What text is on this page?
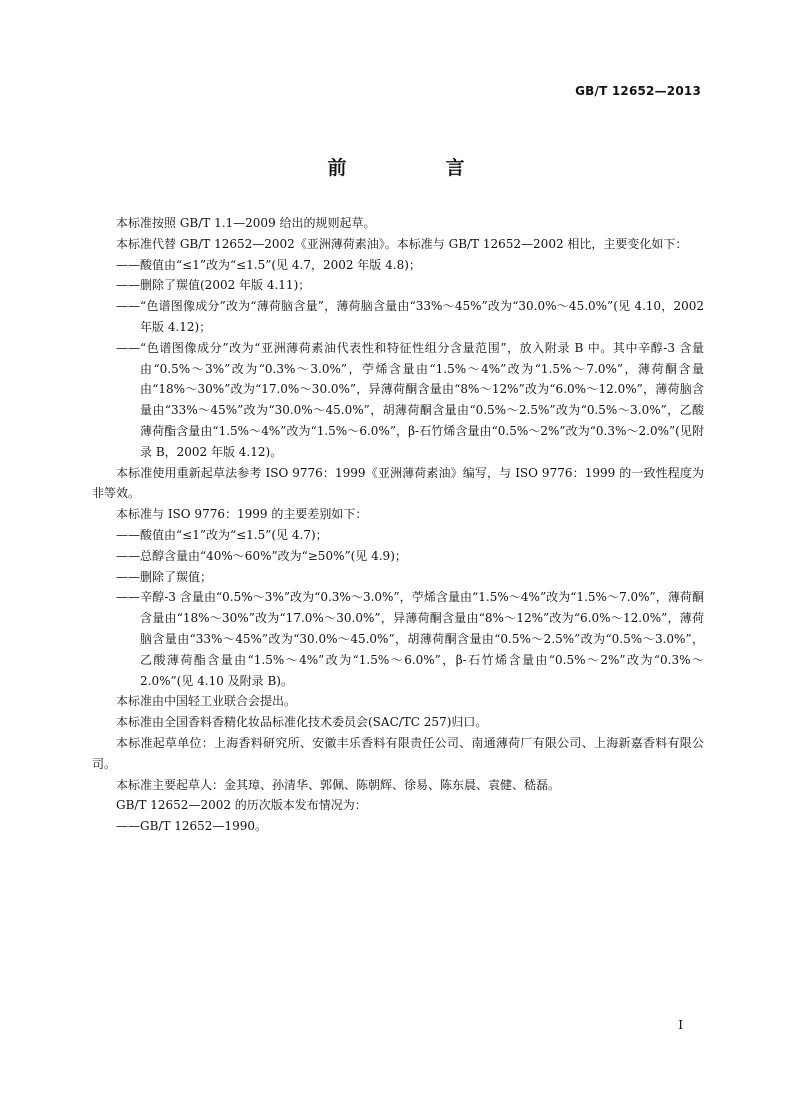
GB/T 12652—2013
前　言

本标准按照 GB/T 1.1—2009 给出的规则起草。

本标准代替 GB/T 12652—2002《亚洲薄荷素油》。本标准与 GB/T 12652—2002 相比，主要变化如下：

——酸值由“≤1”改为“≤1.5”(见 4.7，2002 年版 4.8)；

——删除了羰值(2002 年版 4.11)；

——“色谱图像成分”改为“薄荷脑含量”，薄荷脑含量由“33%～45%”改为“30.0%～45.0%”(见 4.10，2002 年版 4.12)；

——“色谱图像成分”改为“亚洲薄荷素油代表性和特征性组分含量范围”，放入附录 B 中。其中辛醇-3 含量由“0.5%～3%”改为“0.3%～3.0%”，苧烯含量由“1.5%～4%”改为“1.5%～7.0%”，薄荷酮含量由“18%～30%”改为“17.0%～30.0%”，异薄荷酮含量由“8%～12%”改为“6.0%～12.0%”，薄荷脑含量由“33%～45%”改为“30.0%～45.0%”，胡薄荷酮含量由“0.5%～2.5%”改为“0.5%～3.0%”，乙酸薄荷酯含量由“1.5%～4%”改为“1.5%～6.0%”，β-石竹烯含量由“0.5%～2%”改为“0.3%～2.0%”(见附录 B，2002 年版 4.12)。

本标准使用重新起草法参考 ISO 9776：1999《亚洲薄荷素油》编写，与 ISO 9776：1999 的一致性程度为非等效。

本标准与 ISO 9776：1999 的主要差别如下：

——酸值由“≤1”改为“≤1.5”(见 4.7)；

——总醇含量由“40%～60%”改为“≥50%”(见 4.9)；

——删除了羰值；

——辛醇-3 含量由“0.5%～3%”改为“0.3%～3.0%”，苧烯含量由“1.5%～4%”改为“1.5%～7.0%”，薄荷酮含量由“18%～30%”改为“17.0%～30.0%”，异薄荷酮含量由“8%～12%”改为“6.0%～12.0%”，薄荷脑含量由“33%～45%”改为“30.0%～45.0%”，胡薄荷酮含量由“0.5%～2.5%”改为“0.5%～3.0%”，乙酸薄荷酯含量由“1.5%～4%”改为“1.5%～6.0%”，β-石竹烯含量由“0.5%～2%”改为“0.3%～2.0%”(见 4.10 及附录 B)。

本标准由中国轻工业联合会提出。

本标准由全国香料香精化妆品标准化技术委员会(SAC/TC 257)归口。

本标准起草单位：上海香料研究所、安徽丰乐香料有限责任公司、南通薄荷厂有限公司、上海新嘉香料有限公司。

本标准主要起草人：金其璋、孙清华、郭佩、陈朝辉、徐易、陈东晨、袁健、嵇磊。

GB/T 12652—2002 的历次版本发布情况为：

——GB/T 12652—1990。

I
